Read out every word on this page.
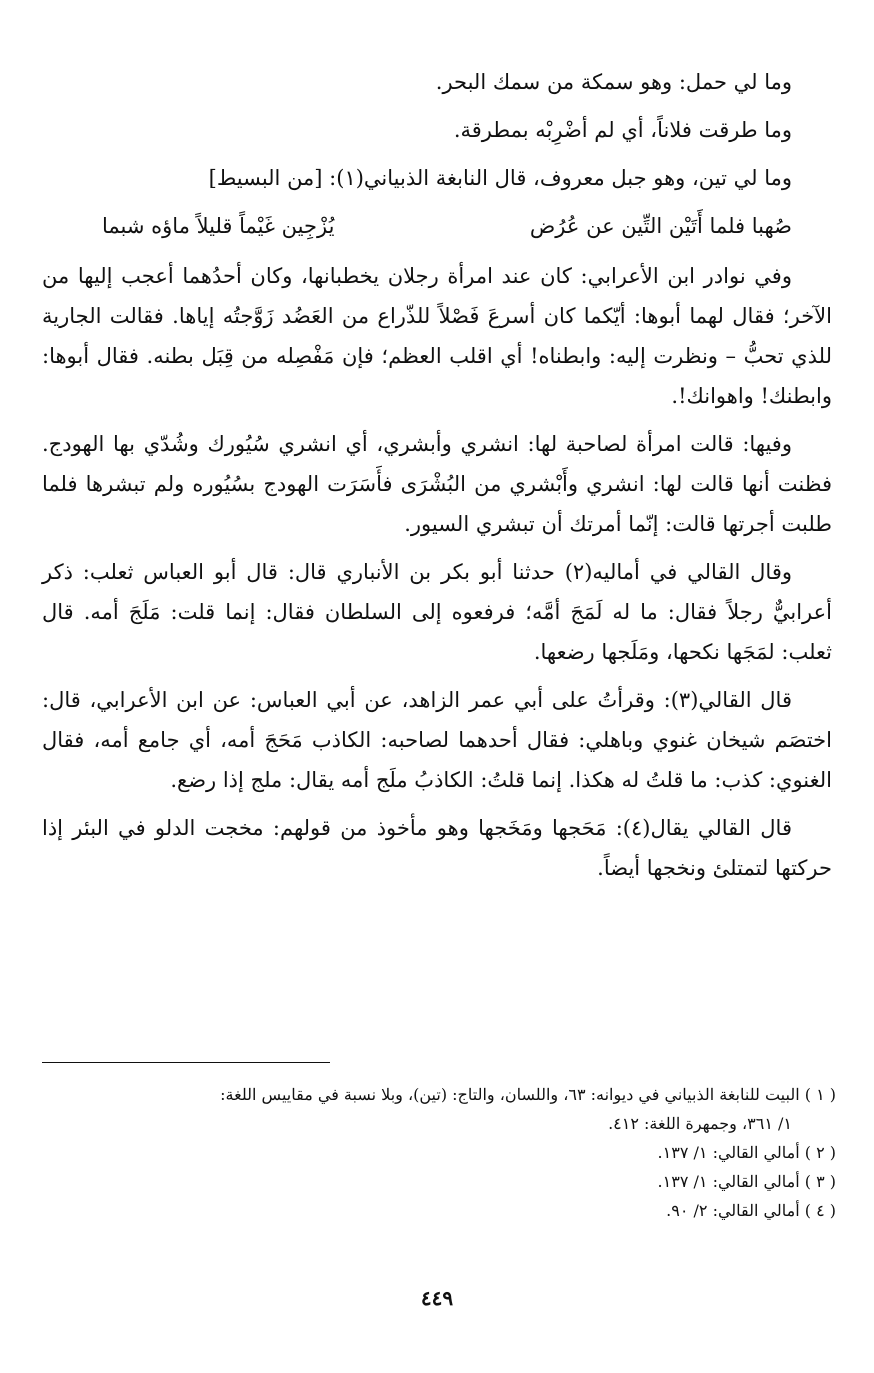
وما لي حمل: وهو سمكة من سمك البحر.

وما طرقت فلاناً، أي لم أضْرِبْه بمطرقة.

وما لي تين، وهو جبل معروف، قال النابغة الذبياني(١): [من البسيط]

صُهبا فلما أَتَيْن التِّين عن عُرُض
يُزْجِين غَيْماً قليلاً ماؤه شبما

وفي نوادر ابن الأعرابي: كان عند امرأة رجلان يخطبانها، وكان أحدُهما أعجب إليها من الآخر؛ فقال لهما أبوها: أيّكما كان أسرعَ فَصْلاً للذّراع من العَضُد زَوَّجتُه إياها. فقالت الجارية للذي تحبُّ – ونظرت إليه: وابطناه! أي اقلب العظم؛ فإن مَفْصِله من قِبَل بطنه. فقال أبوها: وابطنك! واهوانك!.

وفيها: قالت امرأة لصاحبة لها: انشري وأبشري، أي انشري سُيُورك وشُدّي بها الهودج. فظنت أنها قالت لها: انشري وأَبْشري من البُشْرَى فأَسَرَت الهودج بسُيُوره ولم تبشرها فلما طلبت أجرتها قالت: إنّما أمرتك أن تبشري السيور.

وقال القالي في أماليه(٢) حدثنا أبو بكر بن الأنباري قال: قال أبو العباس ثعلب: ذكر أعرابيٌّ رجلاً فقال: ما له لَمَجَ أمَّه؛ فرفعوه إلى السلطان فقال: إنما قلت: مَلَجَ أمه. قال ثعلب: لمَجَها نكحها، ومَلَجها رضعها.

قال القالي(٣): وقرأتُ على أبي عمر الزاهد، عن أبي العباس: عن ابن الأعرابي، قال: اختصَم شيخان غنوي وباهلي: فقال أحدهما لصاحبه: الكاذب مَحَجَ أمه، أي جامع أمه، فقال الغنوي: كذب: ما قلتُ له هكذا. إنما قلتُ: الكاذبُ ملَج أمه يقال: ملج إذا رضع.

قال القالي يقال(٤): مَحَجها ومَخَجها وهو مأخوذ من قولهم: مخجت الدلو في البئر إذا حركتها لتمتلئ ونخجها أيضاً.

( ١ ) البيت للنابغة الذبياني في ديوانه: ٦٣، واللسان، والتاج: (تين)، وبلا نسبة في مقاييس اللغة:

١/ ٣٦١، وجمهرة اللغة: ٤١٢.

( ٢ ) أمالي القالي: ١/ ١٣٧.

( ٣ ) أمالي القالي: ١/ ١٣٧.

( ٤ ) أمالي القالي: ٢/ ٩٠.

٤٤٩
